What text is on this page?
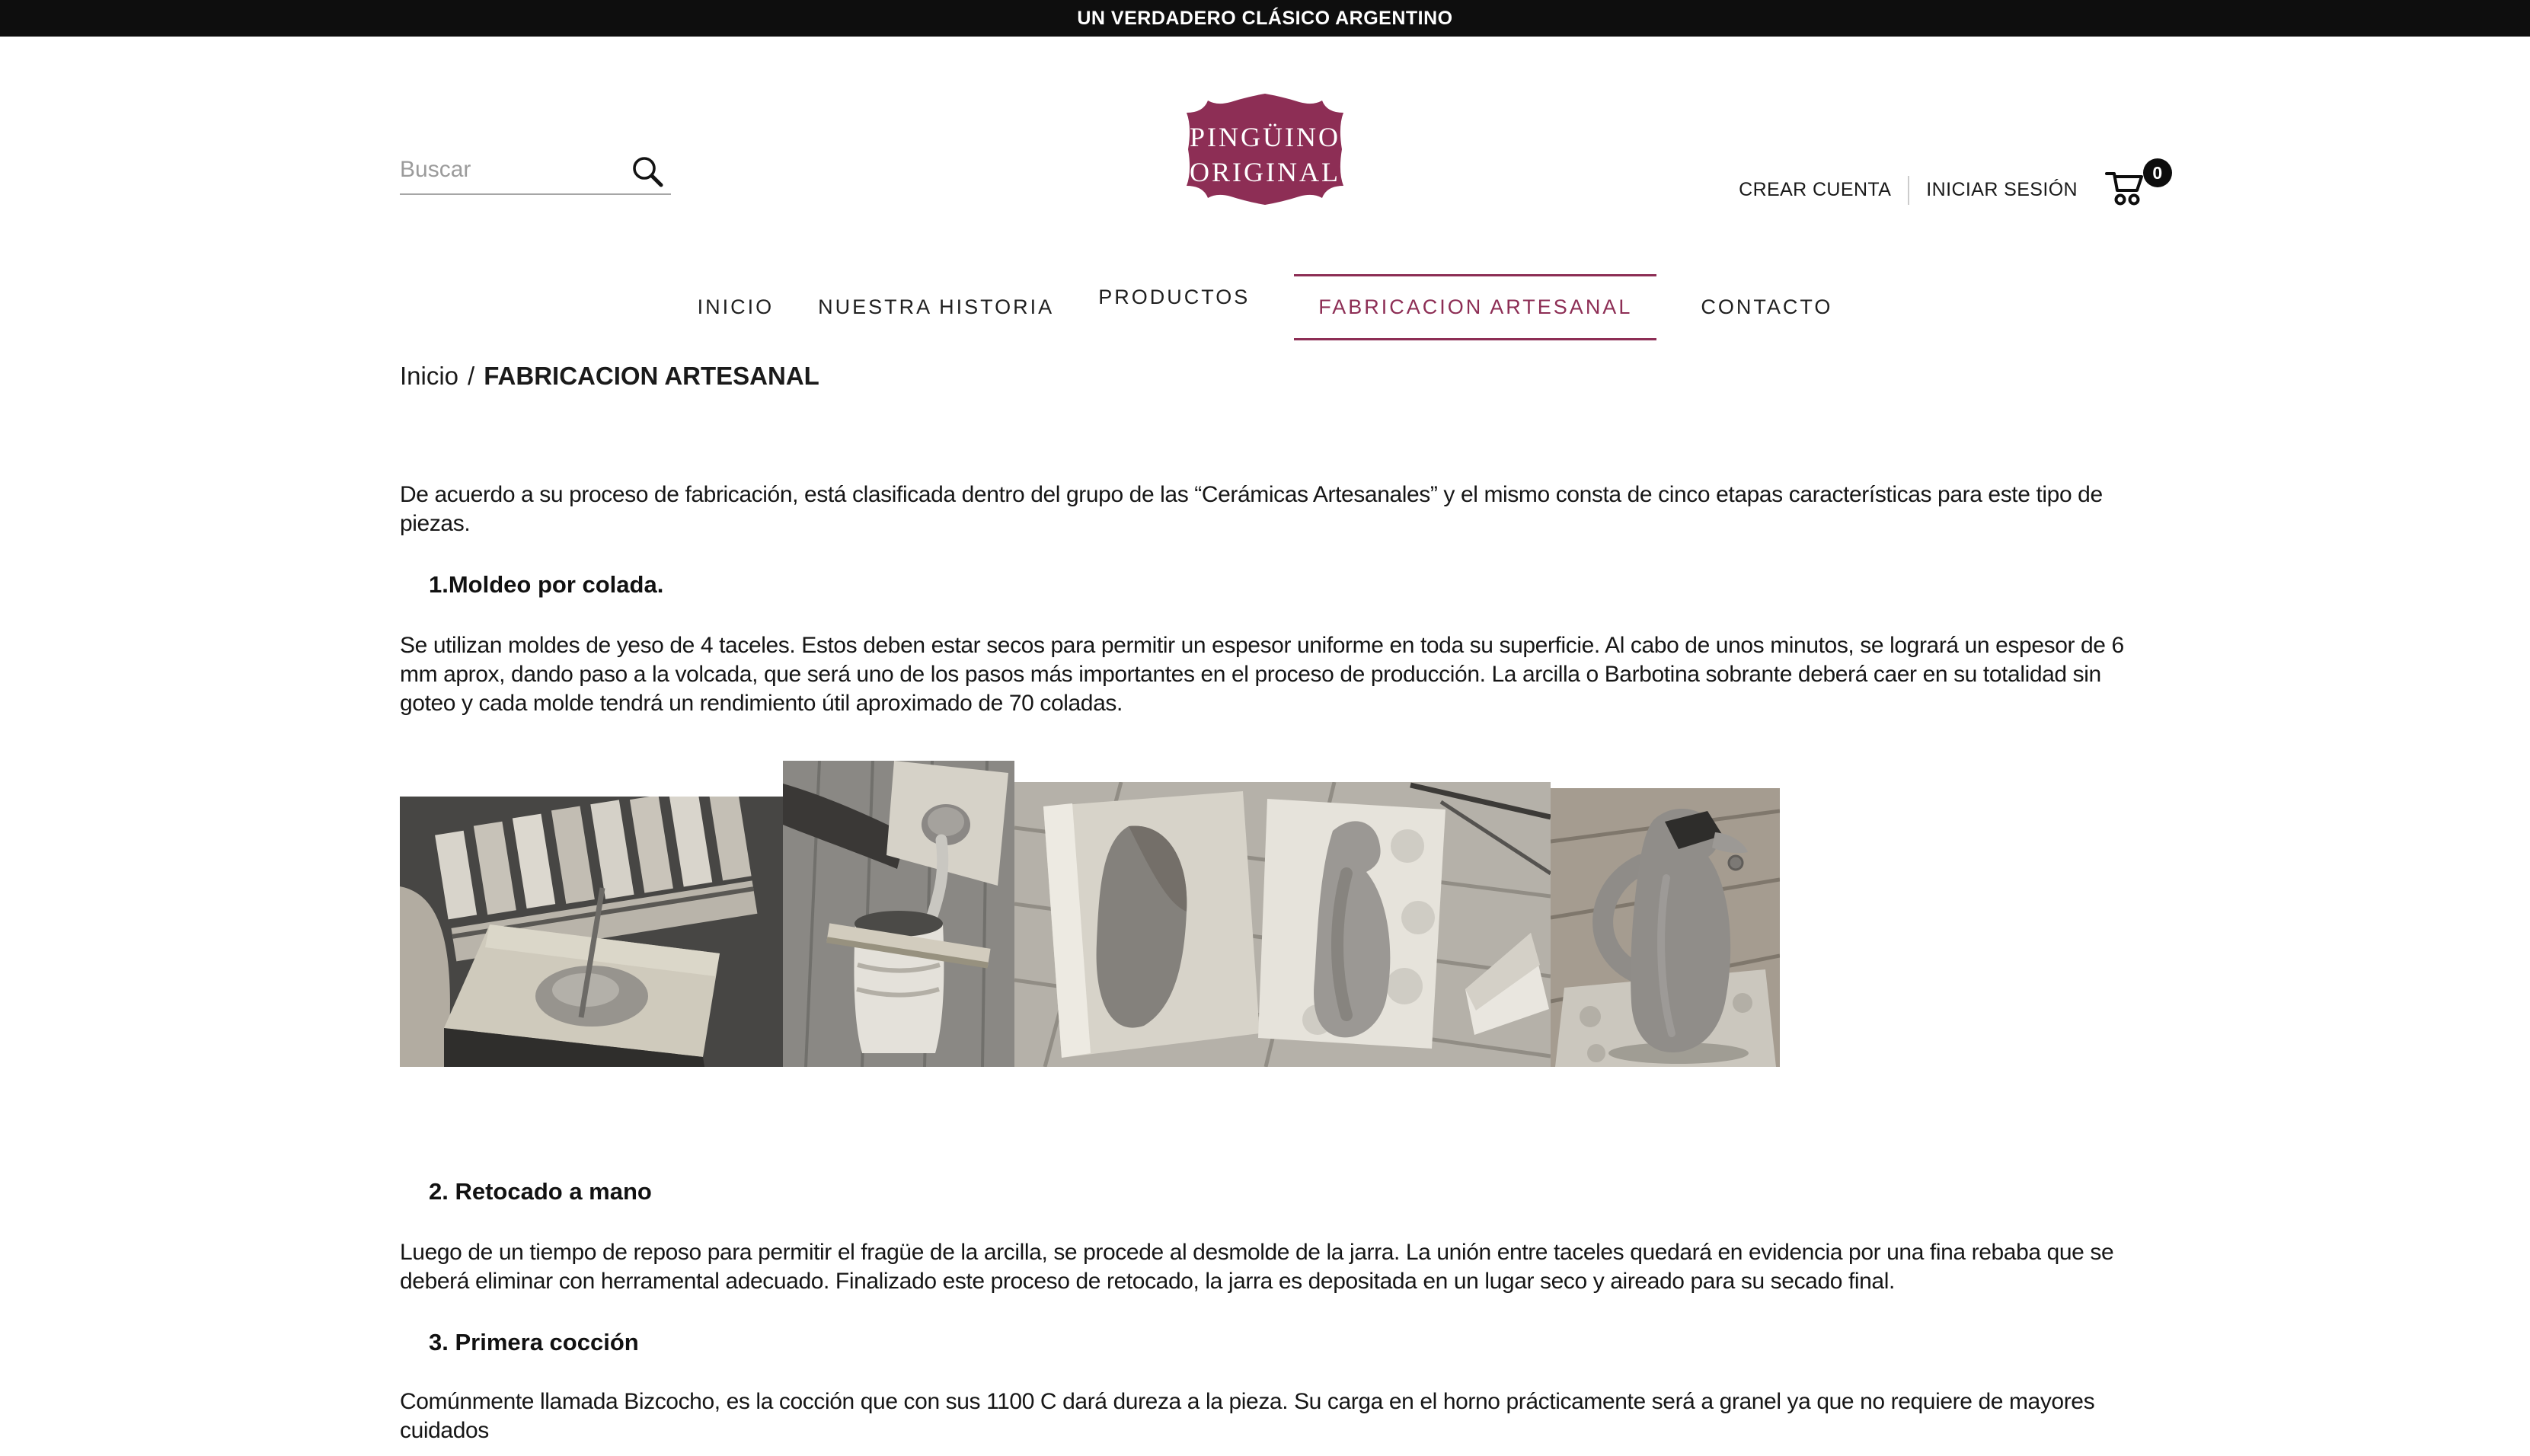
UN VERDADERO CLÁSICO ARGENTINO
Buscar
PINGÜINO
ORIGINAL
CREAR CUENTA INICIAR SESIÓN
0
INICIO NUESTRA HISTORIA PRODUCTOS	FABRICACION ARTESANAL	CONTACTO
Inicio / FABRICACION ARTESANAL

De acuerdo a su proceso de fabricación, está clasificada dentro del grupo de las “Cerámicas Artesanales” y el mismo consta de cinco etapas características para este tipo de piezas.

1.Moldeo por colada.

Se utilizan moldes de yeso de 4 taceles. Estos deben estar secos para permitir un espesor uniforme en toda su superficie. Al cabo de unos minutos, se logrará un espesor de 6 mm aprox, dando paso a la volcada, que será uno de los pasos más importantes en el proceso de producción. La arcilla o Barbotina sobrante deberá caer en su totalidad sin goteo y cada molde tendrá un rendimiento útil aproximado de 70 coladas.

2. Retocado a mano

Luego de un tiempo de reposo para permitir el fragüe de la arcilla, se procede al desmolde de la jarra. La unión entre taceles quedará en evidencia por una fina rebaba que se deberá eliminar con herramental adecuado. Finalizado este proceso de retocado, la jarra es depositada en un lugar seco y aireado para su secado final.

3. Primera cocción

Comúnmente llamada Bizcocho, es la cocción que con sus 1100 C dará dureza a la pieza. Su carga en el horno prácticamente será a granel ya que no requiere de mayores cuidados
